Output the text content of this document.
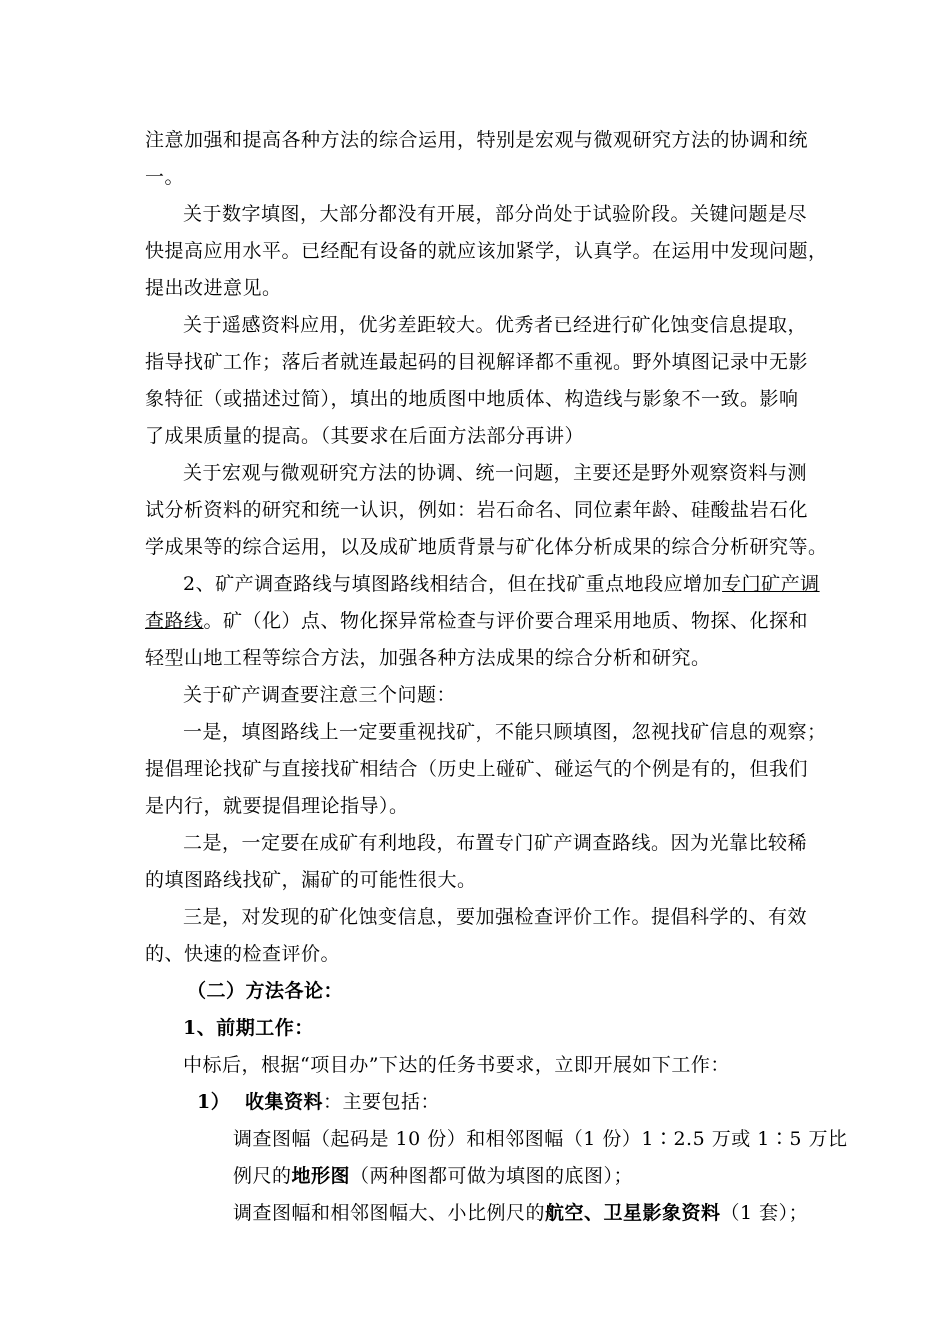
注意加强和提高各种方法的综合运用，特别是宏观与微观研究方法的协调和统
一。
关于数字填图，大部分都没有开展，部分尚处于试验阶段。关键问题是尽
快提高应用水平。已经配有设备的就应该加紧学，认真学。在运用中发现问题，
提出改进意见。
关于遥感资料应用，优劣差距较大。优秀者已经进行矿化蚀变信息提取，
指导找矿工作；落后者就连最起码的目视解译都不重视。野外填图记录中无影
象特征（或描述过简），填出的地质图中地质体、构造线与影象不一致。影响
了成果质量的提高。（其要求在后面方法部分再讲）
关于宏观与微观研究方法的协调、统一问题，主要还是野外观察资料与测
试分析资料的研究和统一认识，例如：岩石命名、同位素年龄、硅酸盐岩石化
学成果等的综合运用，以及成矿地质背景与矿化体分析成果的综合分析研究等。
2、矿产调查路线与填图路线相结合，但在找矿重点地段应增加专门矿产调
查路线。矿（化）点、物化探异常检查与评价要合理采用地质、物探、化探和
轻型山地工程等综合方法，加强各种方法成果的综合分析和研究。
关于矿产调查要注意三个问题：
一是，填图路线上一定要重视找矿，不能只顾填图，忽视找矿信息的观察；
提倡理论找矿与直接找矿相结合（历史上碰矿、碰运气的个例是有的，但我们
是内行，就要提倡理论指导）。
二是，一定要在成矿有利地段，布置专门矿产调查路线。因为光靠比较稀
的填图路线找矿，漏矿的可能性很大。
三是，对发现的矿化蚀变信息，要加强检查评价工作。提倡科学的、有效
的、快速的检查评价。
（二）方法各论：
1、前期工作：
中标后，根据“项目办”下达的任务书要求，立即开展如下工作：
1） 收集资料：主要包括：
调查图幅（起码是 10 份）和相邻图幅（1 份）1∶2.5 万或 1∶5 万比
例尺的地形图（两种图都可做为填图的底图）；
调查图幅和相邻图幅大、小比例尺的航空、卫星影象资料（1 套）；
